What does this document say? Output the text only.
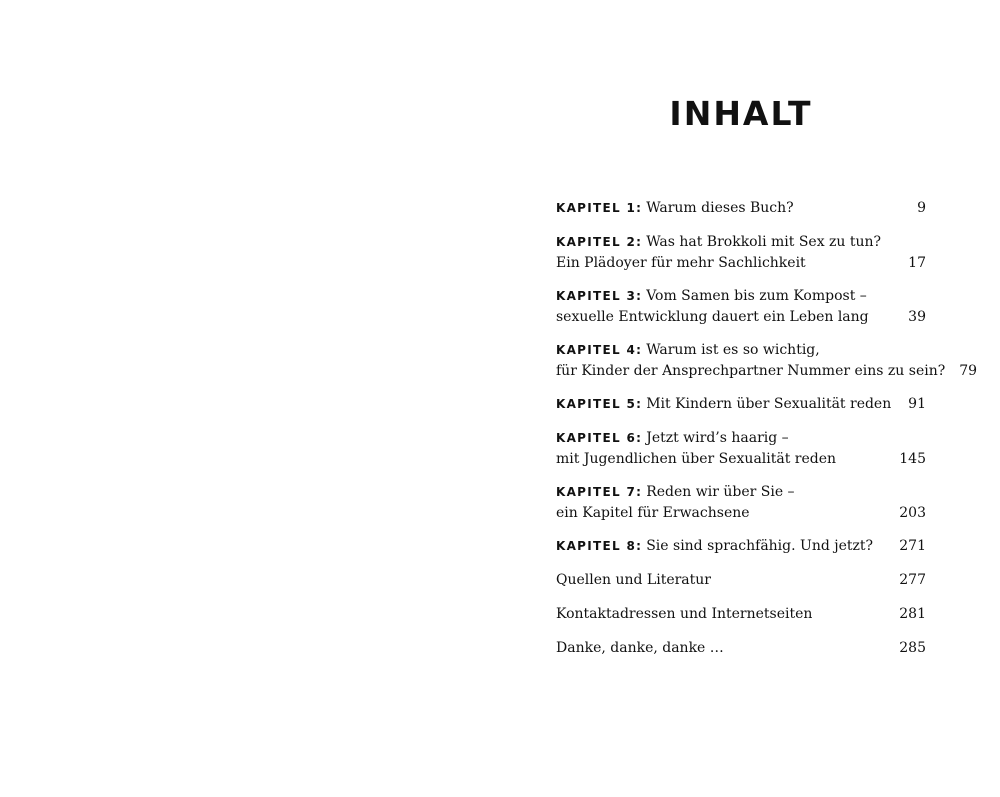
INHALT
KAPITEL 1: Warum dieses Buch?	9
KAPITEL 2: Was hat Brokkoli mit Sex zu tun?
Ein Plädoyer für mehr Sachlichkeit	17
KAPITEL 3: Vom Samen bis zum Kompost –
sexuelle Entwicklung dauert ein Leben lang	39
KAPITEL 4: Warum ist es so wichtig,
für Kinder der Ansprechpartner Nummer eins zu sein? 79
KAPITEL 5: Mit Kindern über Sexualität reden 91
KAPITEL 6: Jetzt wird’s haarig –
mit Jugendlichen über Sexualität reden	145
KAPITEL 7: Reden wir über Sie –
ein Kapitel für Erwachsene	203
KAPITEL 8: Sie sind sprachfähig. Und jetzt?	271
Quellen und Literatur	277
Kontaktadressen und Internetseiten	281
Danke, danke, danke …	285
